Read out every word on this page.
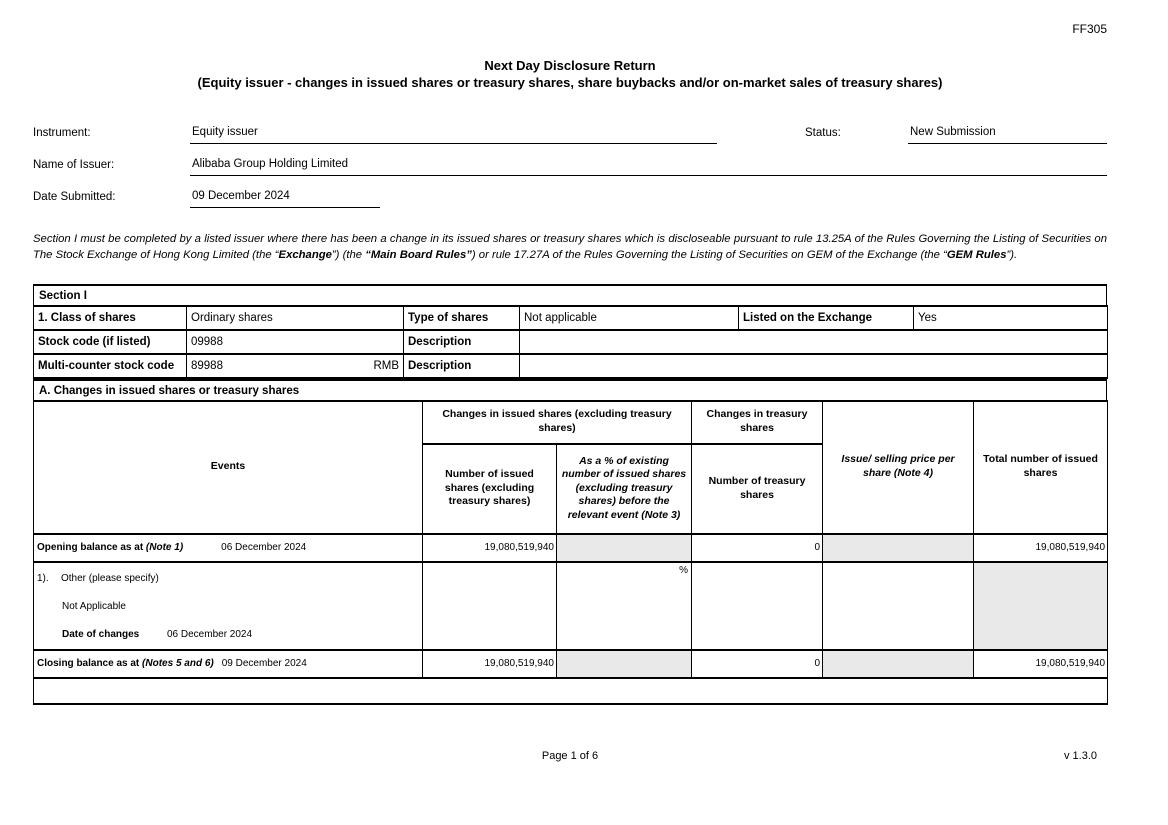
FF305
Next Day Disclosure Return
(Equity issuer - changes in issued shares or treasury shares, share buybacks and/or on-market sales of treasury shares)
Instrument:	Equity issuer	Status:	New Submission
Name of Issuer:	Alibaba Group Holding Limited
Date Submitted:	09 December 2024

Section I must be completed by a listed issuer where there has been a change in its issued shares or treasury shares which is discloseable pursuant to rule 13.25A of the Rules Governing the Listing of Securities on The Stock Exchange of Hong Kong Limited (the “Exchange”) (the “Main Board Rules”) or rule 17.27A of the Rules Governing the Listing of Securities on GEM of the Exchange (the “GEM Rules”).

Section I
1. Class of shares	Ordinary shares	Type of shares	Not applicable	Listed on the Exchange	Yes
Stock code (if listed)	09988	Description			
Multi-counter stock code	89988 RMB	Description			
A. Changes in issued shares or treasury shares
Events	Changes in issued shares (excluding treasury shares)		Changes in treasury shares	Issue/ selling price per share (Note 4)	Total number of issued shares
	Number of issued shares (excluding treasury shares)	As a % of existing number of issued shares (excluding treasury shares) before the relevant event (Note 3)	Number of treasury shares		
Opening balance as at (Note 1) 06 December 2024	19,080,519,940		0		19,080,519,940

1). Other (please specify)
Not Applicable
Date of changes 06 December 2024		%			
Closing balance as at (Notes 5 and 6) 09 December 2024	19,080,519,940		0		19,080,519,940

Page 1 of 6	v 1.3.0
